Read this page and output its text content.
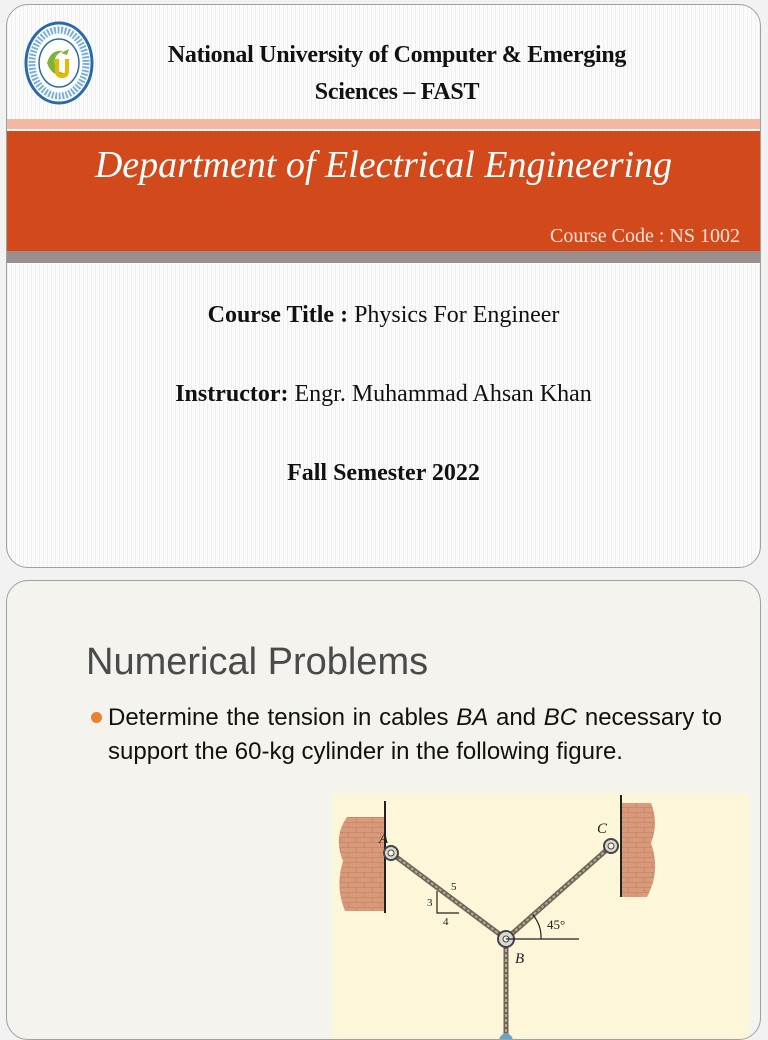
National University of Computer & Emerging
Sciences – FAST
Department of Electrical Engineering
Course Code : NS 1002
Course Title : Physics For Engineer
Instructor: Engr. Muhammad Ahsan Khan
Fall Semester 2022
Numerical Problems
Determine the tension in cables BA and BC necessary to support the 60-kg cylinder in the following figure.
A
C
B
3
4
5
45°
